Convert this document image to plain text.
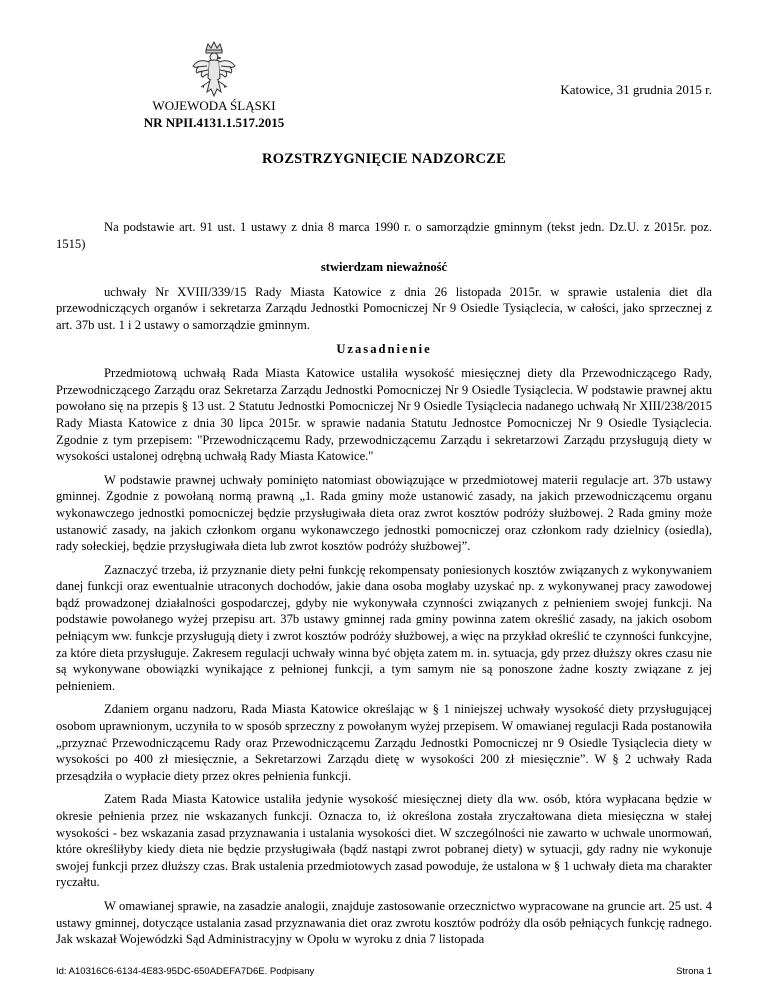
Katowice, 31 grudnia 2015 r.
WOJEWODA ŚLĄSKI
NR NPII.4131.1.517.2015
ROZSTRZYGNIĘCIE NADZORCZE

Na podstawie art. 91 ust. 1 ustawy z dnia 8 marca 1990 r. o samorządzie gminnym (tekst jedn. Dz.U. z 2015r. poz. 1515)

stwierdzam nieważność

uchwały Nr XVIII/339/15 Rady Miasta Katowice z dnia 26 listopada 2015r. w sprawie ustalenia diet dla przewodniczących organów i sekretarza Zarządu Jednostki Pomocniczej Nr 9 Osiedle Tysiąclecia, w całości, jako sprzecznej z art. 37b ust. 1 i 2 ustawy o samorządzie gminnym.

Uzasadnienie

Przedmiotową uchwałą Rada Miasta Katowice ustaliła wysokość miesięcznej diety dla Przewodniczącego Rady, Przewodniczącego Zarządu oraz Sekretarza Zarządu Jednostki Pomocniczej Nr 9 Osiedle Tysiąclecia. W podstawie prawnej aktu powołano się na przepis § 13 ust. 2 Statutu Jednostki Pomocniczej Nr 9 Osiedle Tysiąclecia nadanego uchwałą Nr XIII/238/2015 Rady Miasta Katowice z dnia 30 lipca 2015r. w sprawie nadania Statutu Jednostce Pomocniczej Nr 9 Osiedle Tysiąclecia. Zgodnie z tym przepisem: "Przewodniczącemu Rady, przewodniczącemu Zarządu i sekretarzowi Zarządu przysługują diety w wysokości ustalonej odrębną uchwałą Rady Miasta Katowice."

W podstawie prawnej uchwały pominięto natomiast obowiązujące w przedmiotowej materii regulacje art. 37b ustawy gminnej. Zgodnie z powołaną normą prawną „1. Rada gminy może ustanowić zasady, na jakich przewodniczącemu organu wykonawczego jednostki pomocniczej będzie przysługiwała dieta oraz zwrot kosztów podróży służbowej. 2 Rada gminy może ustanowić zasady, na jakich członkom organu wykonawczego jednostki pomocniczej oraz członkom rady dzielnicy (osiedla), rady sołeckiej, będzie przysługiwała dieta lub zwrot kosztów podróży służbowej”.

Zaznaczyć trzeba, iż przyznanie diety pełni funkcję rekompensaty poniesionych kosztów związanych z wykonywaniem danej funkcji oraz ewentualnie utraconych dochodów, jakie dana osoba mogłaby uzyskać np. z wykonywanej pracy zawodowej bądź prowadzonej działalności gospodarczej, gdyby nie wykonywała czynności związanych z pełnieniem swojej funkcji. Na podstawie powołanego wyżej przepisu art. 37b ustawy gminnej rada gminy powinna zatem określić zasady, na jakich osobom pełniącym ww. funkcje przysługują diety i zwrot kosztów podróży służbowej, a więc na przykład określić te czynności funkcyjne, za które dieta przysługuje. Zakresem regulacji uchwały winna być objęta zatem m. in. sytuacja, gdy przez dłuższy okres czasu nie są wykonywane obowiązki wynikające z pełnionej funkcji, a tym samym nie są ponoszone żadne koszty związane z jej pełnieniem.

Zdaniem organu nadzoru, Rada Miasta Katowice określając w § 1 niniejszej uchwały wysokość diety przysługującej osobom uprawnionym, uczyniła to w sposób sprzeczny z powołanym wyżej przepisem. W omawianej regulacji Rada postanowiła „przyznać Przewodniczącemu Rady oraz Przewodniczącemu Zarządu Jednostki Pomocniczej nr 9 Osiedle Tysiąclecia diety w wysokości po 400 zł miesięcznie, a Sekretarzowi Zarządu dietę w wysokości 200 zł miesięcznie”. W § 2 uchwały Rada przesądziła o wypłacie diety przez okres pełnienia funkcji.

Zatem Rada Miasta Katowice ustaliła jedynie wysokość miesięcznej diety dla ww. osób, która wypłacana będzie w okresie pełnienia przez nie wskazanych funkcji. Oznacza to, iż określona została zryczałtowana dieta miesięczna w stałej wysokości - bez wskazania zasad przyznawania i ustalania wysokości diet. W szczególności nie zawarto w uchwale unormowań, które określiłyby kiedy dieta nie będzie przysługiwała (bądź nastąpi zwrot pobranej diety) w sytuacji, gdy radny nie wykonuje swojej funkcji przez dłuższy czas. Brak ustalenia przedmiotowych zasad powoduje, że ustalona w § 1 uchwały dieta ma charakter ryczałtu.

W omawianej sprawie, na zasadzie analogii, znajduje zastosowanie orzecznictwo wypracowane na gruncie art. 25 ust. 4 ustawy gminnej, dotyczące ustalania zasad przyznawania diet oraz zwrotu kosztów podróży dla osób pełniących funkcję radnego. Jak wskazał Wojewódzki Sąd Administracyjny w Opolu w wyroku z dnia 7 listopada

Id: A10316C6-6134-4E83-95DC-650ADEFA7D6E. Podpisany	Strona 1
